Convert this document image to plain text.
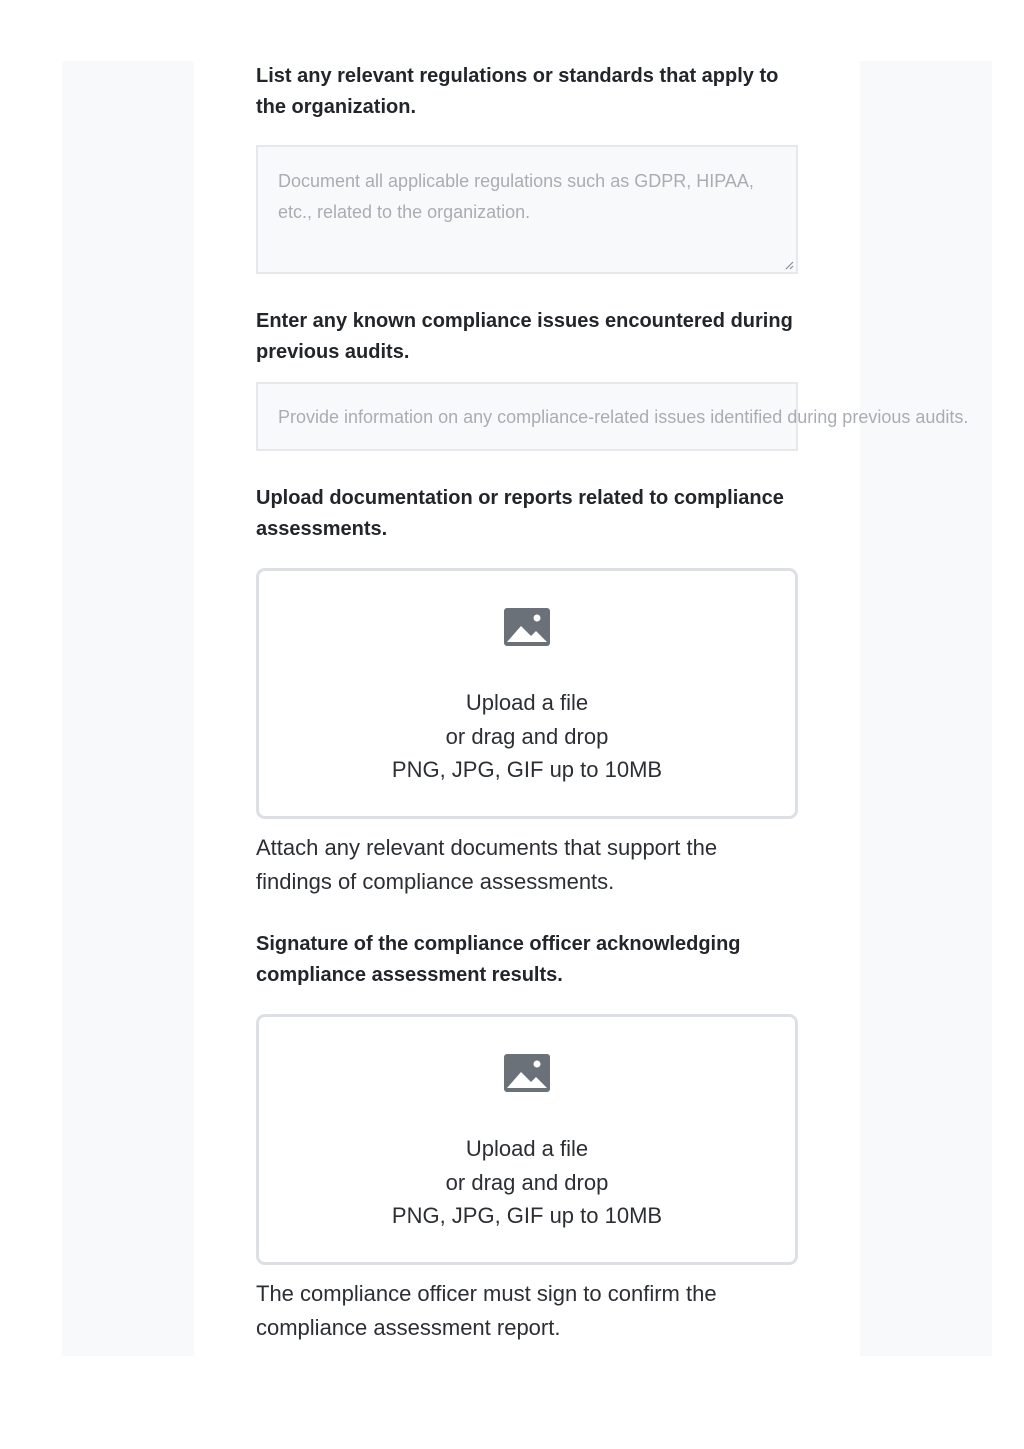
List any relevant regulations or standards that apply to the organization.

Document all applicable regulations such as GDPR, HIPAA, etc., related to the organization.

Enter any known compliance issues encountered during previous audits.

Provide information on any compliance-related issues identified during previous audits.

Upload documentation or reports related to compliance assessments.

Upload a file
or drag and drop
PNG, JPG, GIF up to 10MB

Attach any relevant documents that support the findings of compliance assessments.

Signature of the compliance officer acknowledging compliance assessment results.

Upload a file
or drag and drop
PNG, JPG, GIF up to 10MB

The compliance officer must sign to confirm the compliance assessment report.
